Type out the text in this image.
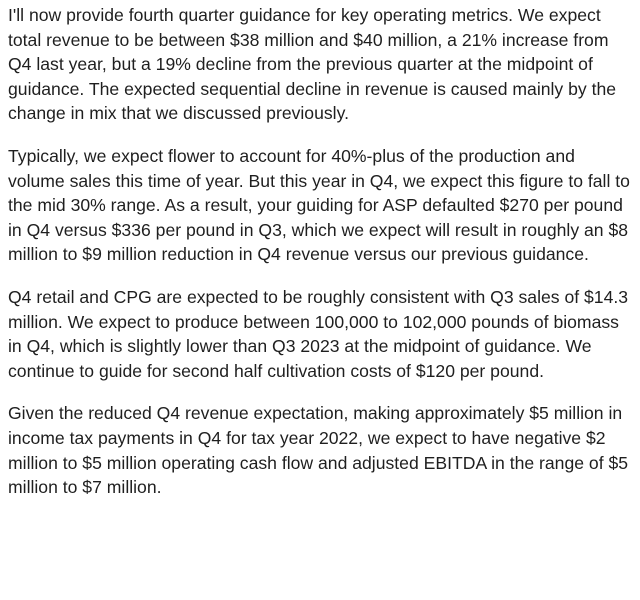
I'll now provide fourth quarter guidance for key operating metrics. We expect total revenue to be between $38 million and $40 million, a 21% increase from Q4 last year, but a 19% decline from the previous quarter at the midpoint of guidance. The expected sequential decline in revenue is caused mainly by the change in mix that we discussed previously.

Typically, we expect flower to account for 40%-plus of the production and volume sales this time of year. But this year in Q4, we expect this figure to fall to the mid 30% range. As a result, your guiding for ASP defaulted $270 per pound in Q4 versus $336 per pound in Q3, which we expect will result in roughly an $8 million to $9 million reduction in Q4 revenue versus our previous guidance.

Q4 retail and CPG are expected to be roughly consistent with Q3 sales of $14.3 million. We expect to produce between 100,000 to 102,000 pounds of biomass in Q4, which is slightly lower than Q3 2023 at the midpoint of guidance. We continue to guide for second half cultivation costs of $120 per pound.

Given the reduced Q4 revenue expectation, making approximately $5 million in income tax payments in Q4 for tax year 2022, we expect to have negative $2 million to $5 million operating cash flow and adjusted EBITDA in the range of $5 million to $7 million.
